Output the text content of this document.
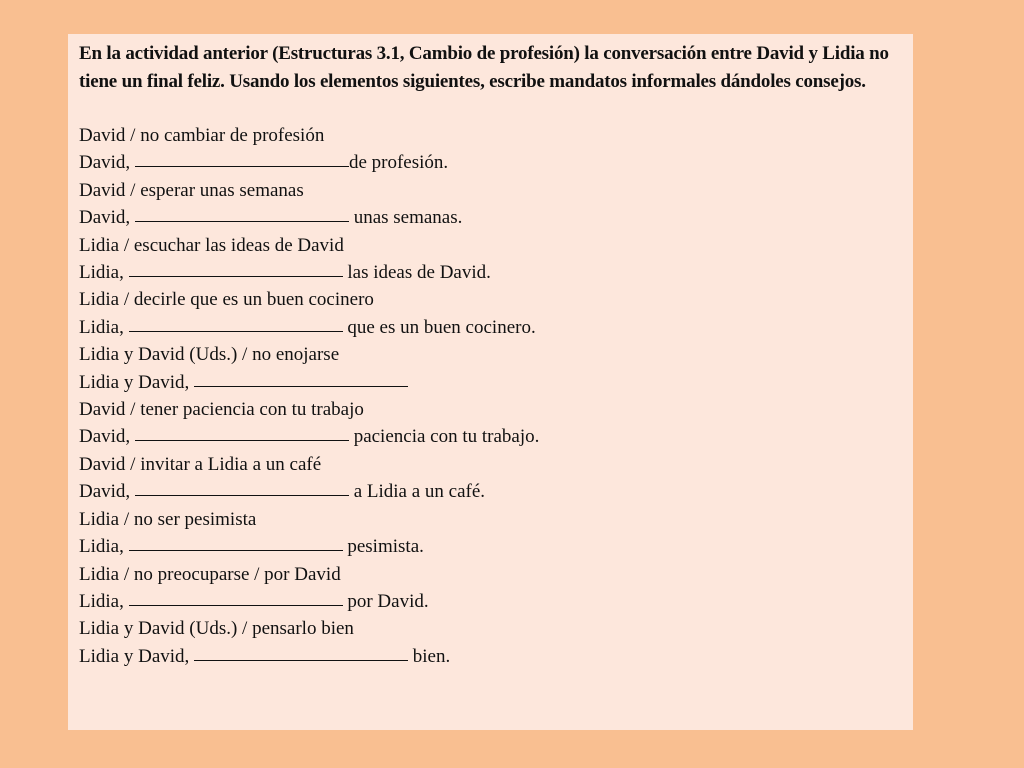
En la actividad anterior (Estructuras 3.1, Cambio de profesión) la conversación entre David y Lidia no tiene un final feliz. Usando los elementos siguientes, escribe mandatos informales dándoles consejos.

David / no cambiar de profesión
David,	de profesión.
David / esperar unas semanas
David,	unas semanas.
Lidia / escuchar las ideas de David
Lidia,	las ideas de David.
Lidia / decirle que es un buen cocinero
Lidia,	que es un buen cocinero.
Lidia y David (Uds.) / no enojarse
Lidia y David,
David / tener paciencia con tu trabajo
David,	paciencia con tu trabajo.
David / invitar a Lidia a un café
David,	a Lidia a un café.
Lidia / no ser pesimista
Lidia,	pesimista.
Lidia / no preocuparse / por David
Lidia,	por David.
Lidia y David (Uds.) / pensarlo bien
Lidia y David,	bien.
